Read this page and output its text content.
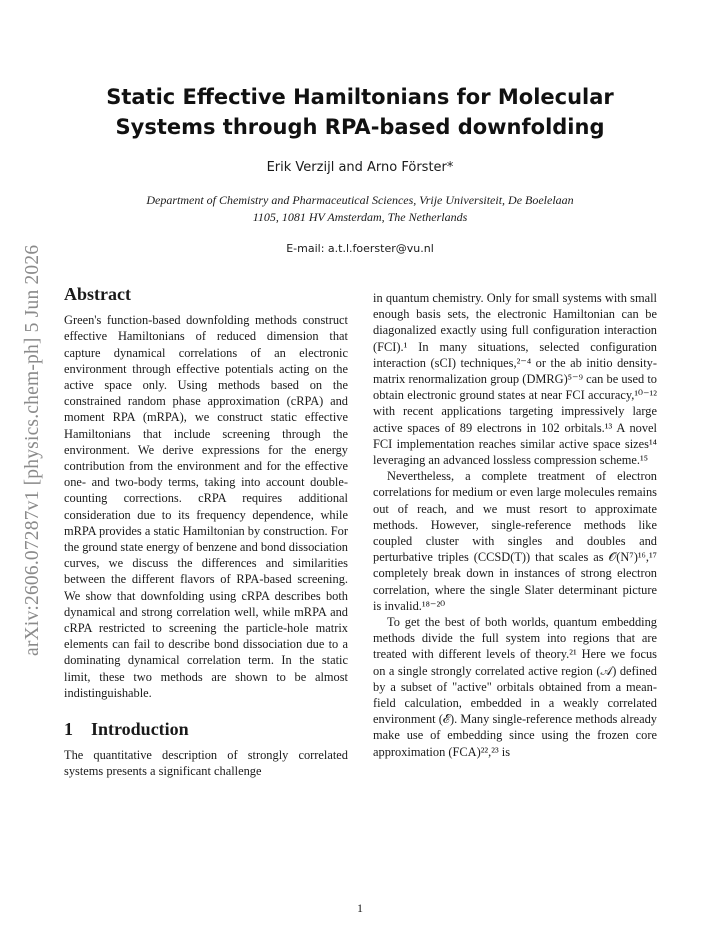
arXiv:2606.07287v1 [physics.chem-ph] 5 Jun 2026
Static Effective Hamiltonians for Molecular
Systems through RPA-based downfolding
Erik Verzijl and Arno Förster*
Department of Chemistry and Pharmaceutical Sciences, Vrije Universiteit, De Boelelaan
1105, 1081 HV Amsterdam, The Netherlands
E-mail: a.t.l.foerster@vu.nl
Abstract

Green's function-based downfolding methods construct effective Hamiltonians of reduced dimension that capture dynamical correlations of an electronic environment through effective potentials acting on the active space only. Using methods based on the constrained random phase approximation (cRPA) and moment RPA (mRPA), we construct static effective Hamiltonians that include screening through the environment. We derive expressions for the energy contribution from the environment and for the effective one- and two-body terms, taking into account double-counting corrections. cRPA requires additional consideration due to its frequency dependence, while mRPA provides a static Hamiltonian by construction. For the ground state energy of benzene and bond dissociation curves, we discuss the differences and similarities between the different flavors of RPA-based screening. We show that downfolding using cRPA describes both dynamical and strong correlation well, while mRPA and cRPA restricted to screening the particle-hole matrix elements can fail to describe bond dissociation due to a dominating dynamical correlation term. In the static limit, these two methods are shown to be almost indistinguishable.

1 Introduction

The quantitative description of strongly correlated systems presents a significant challenge

in quantum chemistry. Only for small systems with small enough basis sets, the electronic Hamiltonian can be diagonalized exactly using full configuration interaction (FCI).¹ In many situations, selected configuration interaction (sCI) techniques,²⁻⁴ or the ab initio density-matrix renormalization group (DMRG)⁵⁻⁹ can be used to obtain electronic ground states at near FCI accuracy,¹⁰⁻¹² with recent applications targeting impressively large active spaces of 89 electrons in 102 orbitals.¹³ A novel FCI implementation reaches similar active space sizes¹⁴ leveraging an advanced lossless compression scheme.¹⁵

Nevertheless, a complete treatment of electron correlations for medium or even large molecules remains out of reach, and we must resort to approximate methods. However, single-reference methods like coupled cluster with singles and doubles and perturbative triples (CCSD(T)) that scales as 𝒪(N⁷)¹⁶,¹⁷ completely break down in instances of strong electron correlation, where the single Slater determinant picture is invalid.¹⁸⁻²⁰

To get the best of both worlds, quantum embedding methods divide the full system into regions that are treated with different levels of theory.²¹ Here we focus on a single strongly correlated active region (𝒜) defined by a subset of "active" orbitals obtained from a mean-field calculation, embedded in a weakly correlated environment (ℰ). Many single-reference methods already make use of embedding since using the frozen core approximation (FCA)²²,²³ is

1
